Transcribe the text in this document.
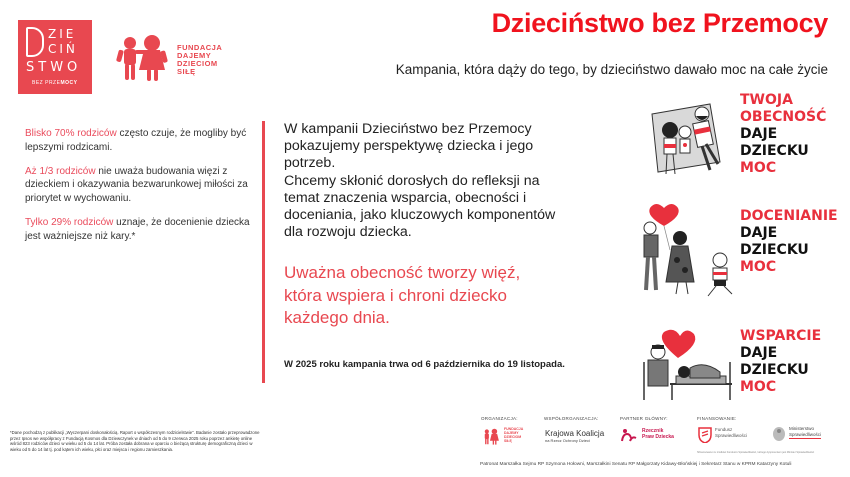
ZIE
CIŃ
STWO
BEZ PRZEMOCY
FUNDACJA
DAJEMY
DZIECIOM
SIŁĘ
Dzieciństwo bez Przemocy
Kampania, która dąży do tego, by dzieciństwo dawało moc na całe życie

Blisko 70% rodziców często czuje, że mogliby być lepszymi rodzicami.

Aż 1/3 rodziców nie uważa budowania więzi z dzieckiem i okazywania bezwarunkowej miłości za priorytet w wychowaniu.

Tylko 29% rodziców uznaje, że docenienie dziecka jest ważniejsze niż kary.*

W kampanii Dzieciństwo bez Przemocy
pokazujemy perspektywę dziecka i jego
potrzeb.
Chcemy skłonić dorosłych do refleksji na
temat znaczenia wsparcia, obecności i
doceniania, jako kluczowych komponentów
dla rozwoju dziecka.
Uważna obecność tworzy więź,
która wspiera i chroni dziecko
każdego dnia.
W 2025 roku kampania trwa od 6 października do 19 listopada.
TWOJA
OBECNOŚĆ
DAJE
DZIECKU
MOC
DOCENIANIE
DAJE
DZIECKU
MOC
WSPARCIE
DAJE
DZIECKU
MOC
*Dane pochodzą z publikacji „Wyczerpani doskonałością. Raport o współczesnym rodzicielstwie”. Badanie zostało przeprowadzone przez Ipsos we współpracy z Fundacją Kosmos dla Dziewczynek w dniach od 5 do 9 czerwca 2025 roku poprzez ankietę online wśród 823 rodziców dzieci w wieku od 5 do 14 lat. Próba została dobrana w oparciu o bieżącą strukturę demograficzną dzieci w wieku od 5 do 14 lat tj. pod kątem ich wieku, płci oraz miejsca i regionu zamieszkania.
ORGANIZACJA:	WSPÓŁORGANIZACJA:	PARTNER GŁÓWNY:	FINANSOWANIE:
FUNDACJA
DAJEMY
DZIECIOM
SIŁĘ
Krajowa Koalicja
na Rzecz Ochrony Dzieci
Rzecznik
Praw Dziecka
Fundusz
Sprawiedliwości
Ministerstwo
Sprawiedliwości
Sfinansowano ze środków Funduszu Sprawiedliwości, którego dysponentem jest Minister Sprawiedliwości
Patronat Marszałka Sejmu RP Szymona Hołowni, Marszałkini Senatu RP Małgorzaty Kidawy-Błońskiej i Sekretarz Stanu w KPRM Katarzyny Kotuli
